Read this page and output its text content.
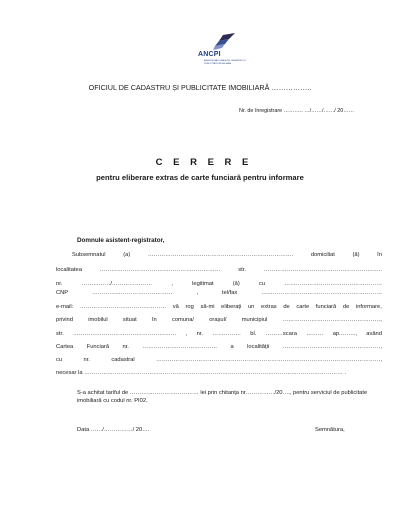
ANCPI
AGENȚIA NAȚIONALĂ DE CADASTRU ȘI PUBLICITATE IMOBILIARĂ
OFICIUL DE CADASTRU ȘI PUBLICITATE IMOBILIARĂ ……………..
Nr. de înregistrare ……….. …/……/……/ 20……
C E R E R E
pentru eliberare extras de carte funciară pentru informare
Domnule asistent-registrator,
Subsemnatul	(a)	………………………………………………………………….	domiciliat	(ă)	în
localitatea	………………………………………………………	str.	……………………………………………………..
nr.	……………/…………………	,	legitimat	(ă)	cu	……………………………………………
CNP	……………………………………	,	tel/fax	………………………………………………………
e-mail: ……………………………………… vă rog să-mi eliberați un extras de carte funciară de informare,
privind	imobilul	situat	în	comuna/	orașul/	municipiul	……………………………………………,
str. ……………………………………………… , nr. …………… bl. ………scara ……… ap.…….., având
Cartea Funciară nr. ………………………………… a localității ……………………………………………,
cu	nr.	cadastral	………………………………………………………………………………………………………,
necesar la ……………………………………………………………………………………………………………………… .
S-a achitat tariful de ……………………………… lei prin chitanța nr……………/20…., pentru serviciul de publicitate imobiliară cu codul nr. PI02.
Data ……/……………/ 20….	Semnătura,
